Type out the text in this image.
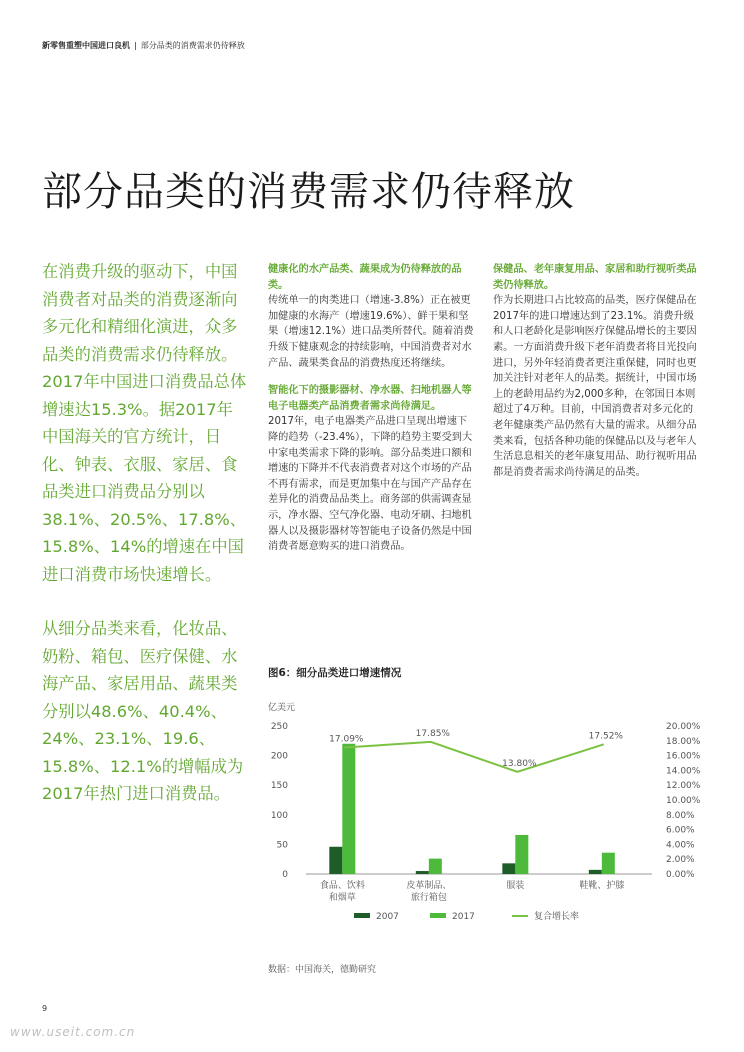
新零售重塑中国进口良机 | 部分品类的消费需求仍待释放
部分品类的消费需求仍待释放

在消费升级的驱动下，中国消费者对品类的消费逐渐向多元化和精细化演进，众多品类的消费需求仍待释放。2017年中国进口消费品总体增速达15.3%。据2017年中国海关的官方统计，日化、钟表、衣服、家居、食品类进口消费品分别以38.1%、20.5%、17.8%、15.8%、14%的增速在中国进口消费市场快速增长。

从细分品类来看，化妆品、奶粉、箱包、医疗保健、水海产品、家居用品、蔬果类分别以48.6%、40.4%、24%、23.1%、19.6、15.8%、12.1%的增幅成为2017年热门进口消费品。

健康化的水产品类、蔬果成为仍待释放的品类。

传统单一的肉类进口（增速-3.8%）正在被更加健康的水海产（增速19.6%）、鲜干果和坚果（增速12.1%）进口品类所替代。随着消费升级下健康观念的持续影响，中国消费者对水产品、蔬果类食品的消费热度还将继续。

智能化下的摄影器材、净水器、扫地机器人等电子电器类产品消费者需求尚待满足。

2017年，电子电器类产品进口呈现出增速下降的趋势（-23.4%），下降的趋势主要受到大中家电类需求下降的影响。部分品类进口额和增速的下降并不代表消费者对这个市场的产品不再有需求，而是更加集中在与国产产品存在差异化的消费品品类上。商务部的供需调查显示，净水器、空气净化器、电动牙刷、扫地机器人以及摄影器材等智能电子设备仍然是中国消费者愿意购买的进口消费品。

保健品、老年康复用品、家居和助行视听类品类仍待释放。

作为长期进口占比较高的品类，医疗保健品在2017年的进口增速达到了23.1%。消费升级和人口老龄化是影响医疗保健品增长的主要因素。一方面消费升级下老年消费者将目光投向进口，另外年轻消费者更注重保健，同时也更加关注针对老年人的品类。据统计，中国市场上的老龄用品约为2,000多种，在邻国日本则超过了4万种。目前，中国消费者对多元化的老年健康类产品仍然有大量的需求。从细分品类来看，包括各种功能的保健品以及与老年人生活息息相关的老年康复用品、助行视听用品都是消费者需求尚待满足的品类。

图6：细分品类进口增速情况

亿美元
0
50
100
150
200
250
0.00%
2.00%
4.00%
6.00%
8.00%
10.00%
12.00%
14.00%
16.00%
18.00%
20.00%
食品、饮料
和烟草
皮革制品、
旅行箱包
服装	鞋靴、护膝
17.09%
17.85%
13.80%
17.52%
2007	2017	复合增长率
数据：中国海关，德勤研究
9
www.useit.com.cn
